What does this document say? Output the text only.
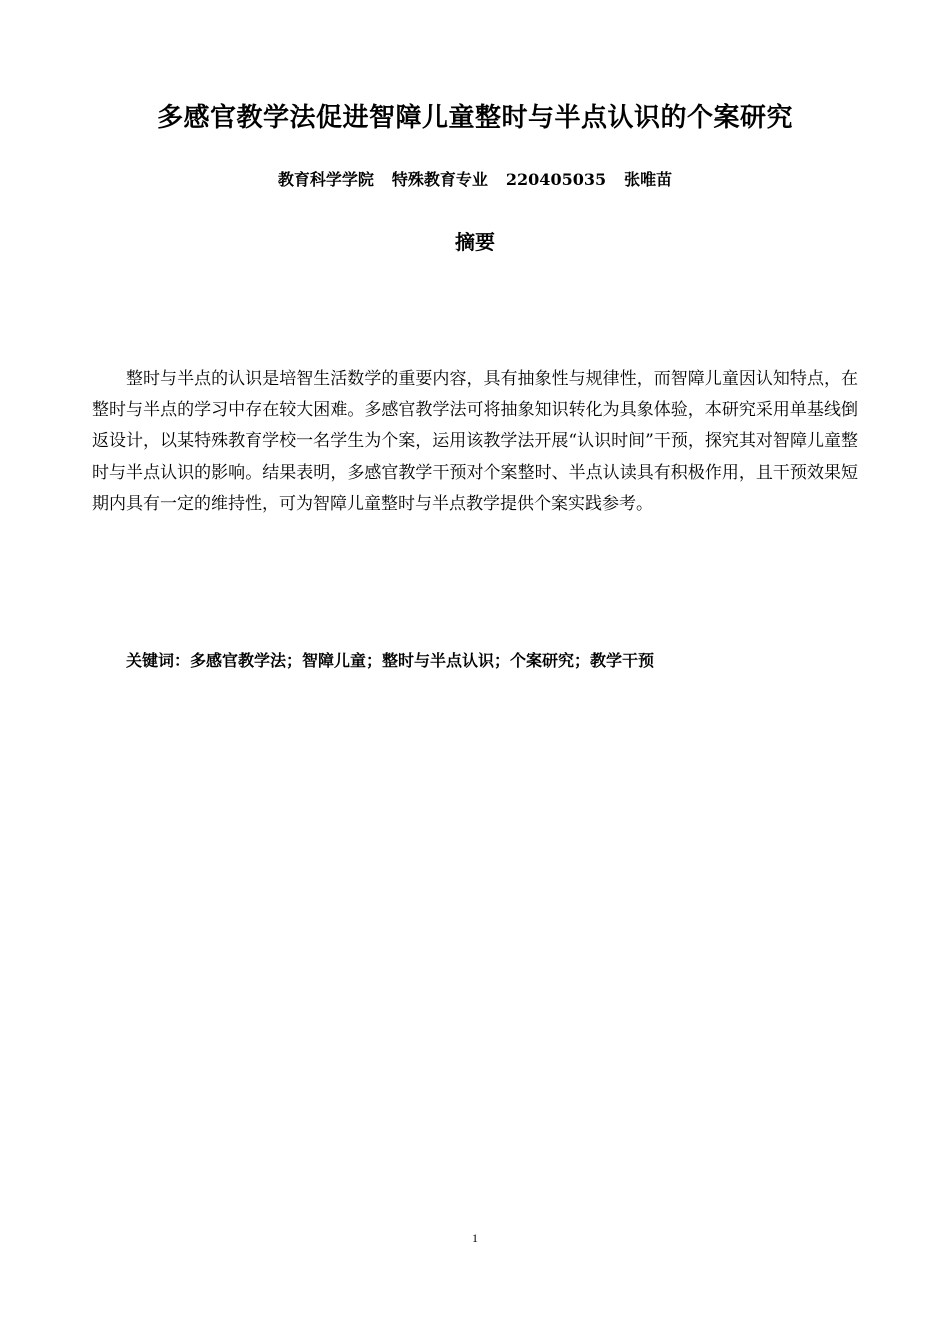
多感官教学法促进智障儿童整时与半点认识的个案研究
教育科学学院 特殊教育专业 220405035 张唯苗
摘要

整时与半点的认识是培智生活数学的重要内容，具有抽象性与规律性，而智障儿童因认知特点，在整时与半点的学习中存在较大困难。多感官教学法可将抽象知识转化为具象体验，本研究采用单基线倒返设计，以某特殊教育学校一名学生为个案，运用该教学法开展“认识时间”干预，探究其对智障儿童整时与半点认识的影响。结果表明，多感官教学干预对个案整时、半点认读具有积极作用，且干预效果短期内具有一定的维持性，可为智障儿童整时与半点教学提供个案实践参考。

关键词：多感官教学法；智障儿童；整时与半点认识；个案研究；教学干预
1
